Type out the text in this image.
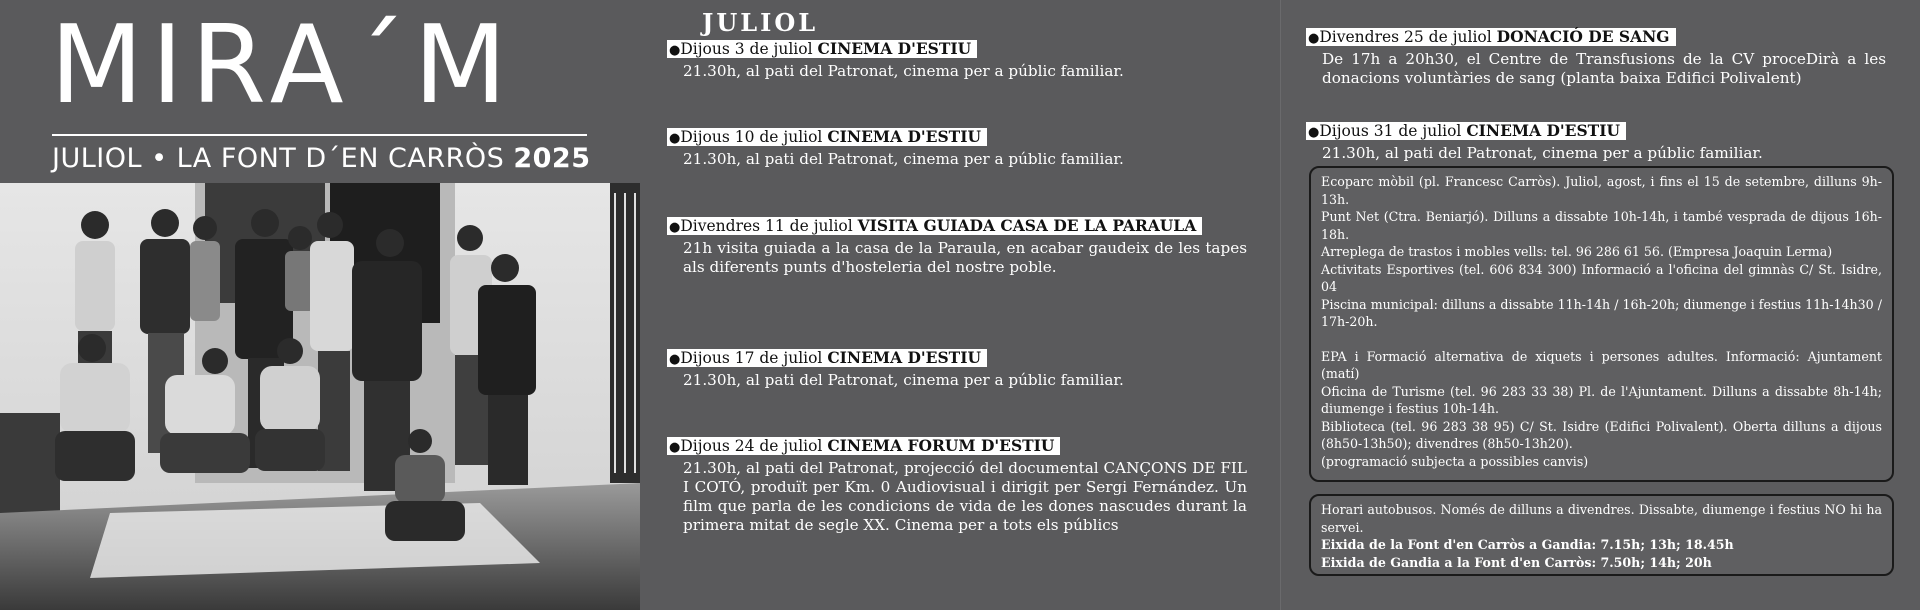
MIRA´M
JULIOL • LA FONT D´EN CARRÒS 2025
JULIOL
●Dijous 3 de juliol CINEMA D'ESTIU
21.30h, al pati del Patronat, cinema per a públic familiar.
●Dijous 10 de juliol CINEMA D'ESTIU
21.30h, al pati del Patronat, cinema per a públic familiar.
●Divendres 11 de juliol VISITA GUIADA CASA DE LA PARAULA
21h visita guiada a la casa de la Paraula, en acabar gaudeix de les tapes als diferents punts d'hosteleria del nostre poble.
●Dijous 17 de juliol CINEMA D'ESTIU
21.30h, al pati del Patronat, cinema per a públic familiar.
●Dijous 24 de juliol CINEMA FORUM D'ESTIU
21.30h, al pati del Patronat, projecció del documental CANÇONS DE FIL I COTÓ, produït per Km. 0 Audiovisual i dirigit per Sergi Fernández. Un film que parla de les condicions de vida de les dones nascudes durant la primera mitat de segle XX. Cinema per a tots els públics
●Divendres 25 de juliol DONACIÓ DE SANG
De 17h a 20h30, el Centre de Transfusions de la CV proceDirà a les donacions voluntàries de sang (planta baixa Edifici Polivalent)
●Dijous 31 de juliol CINEMA D'ESTIU
21.30h, al pati del Patronat, cinema per a públic familiar.

Ecoparc mòbil (pl. Francesc Carròs). Juliol, agost, i fins el 15 de setembre, dilluns 9h-13h.

Punt Net (Ctra. Beniarjó). Dilluns a dissabte 10h-14h, i també vesprada de dijous 16h-18h.

Arreplega de trastos i mobles vells: tel. 96 286 61 56. (Empresa Joaquin Lerma)

Activitats Esportives (tel. 606 834 300) Informació a l'oficina del gimnàs C/ St. Isidre, 04

Piscina municipal: dilluns a dissabte 11h-14h / 16h-20h; diumenge i festius 11h-14h30 / 17h-20h.

EPA i Formació alternativa de xiquets i persones adultes. Informació: Ajuntament (matí)

Oficina de Turisme (tel. 96 283 33 38) Pl. de l'Ajuntament. Dilluns a dissabte 8h-14h; diumenge i festius 10h-14h.

Biblioteca (tel. 96 283 38 95) C/ St. Isidre (Edifici Polivalent). Oberta dilluns a dijous (8h50-13h50); divendres (8h50-13h20).

(programació subjecta a possibles canvis)

Horari autobusos. Només de dilluns a divendres. Dissabte, diumenge i festius NO hi ha servei.

Eixida de la Font d'en Carròs a Gandia: 7.15h; 13h; 18.45h

Eixida de Gandia a la Font d'en Carròs: 7.50h; 14h; 20h
